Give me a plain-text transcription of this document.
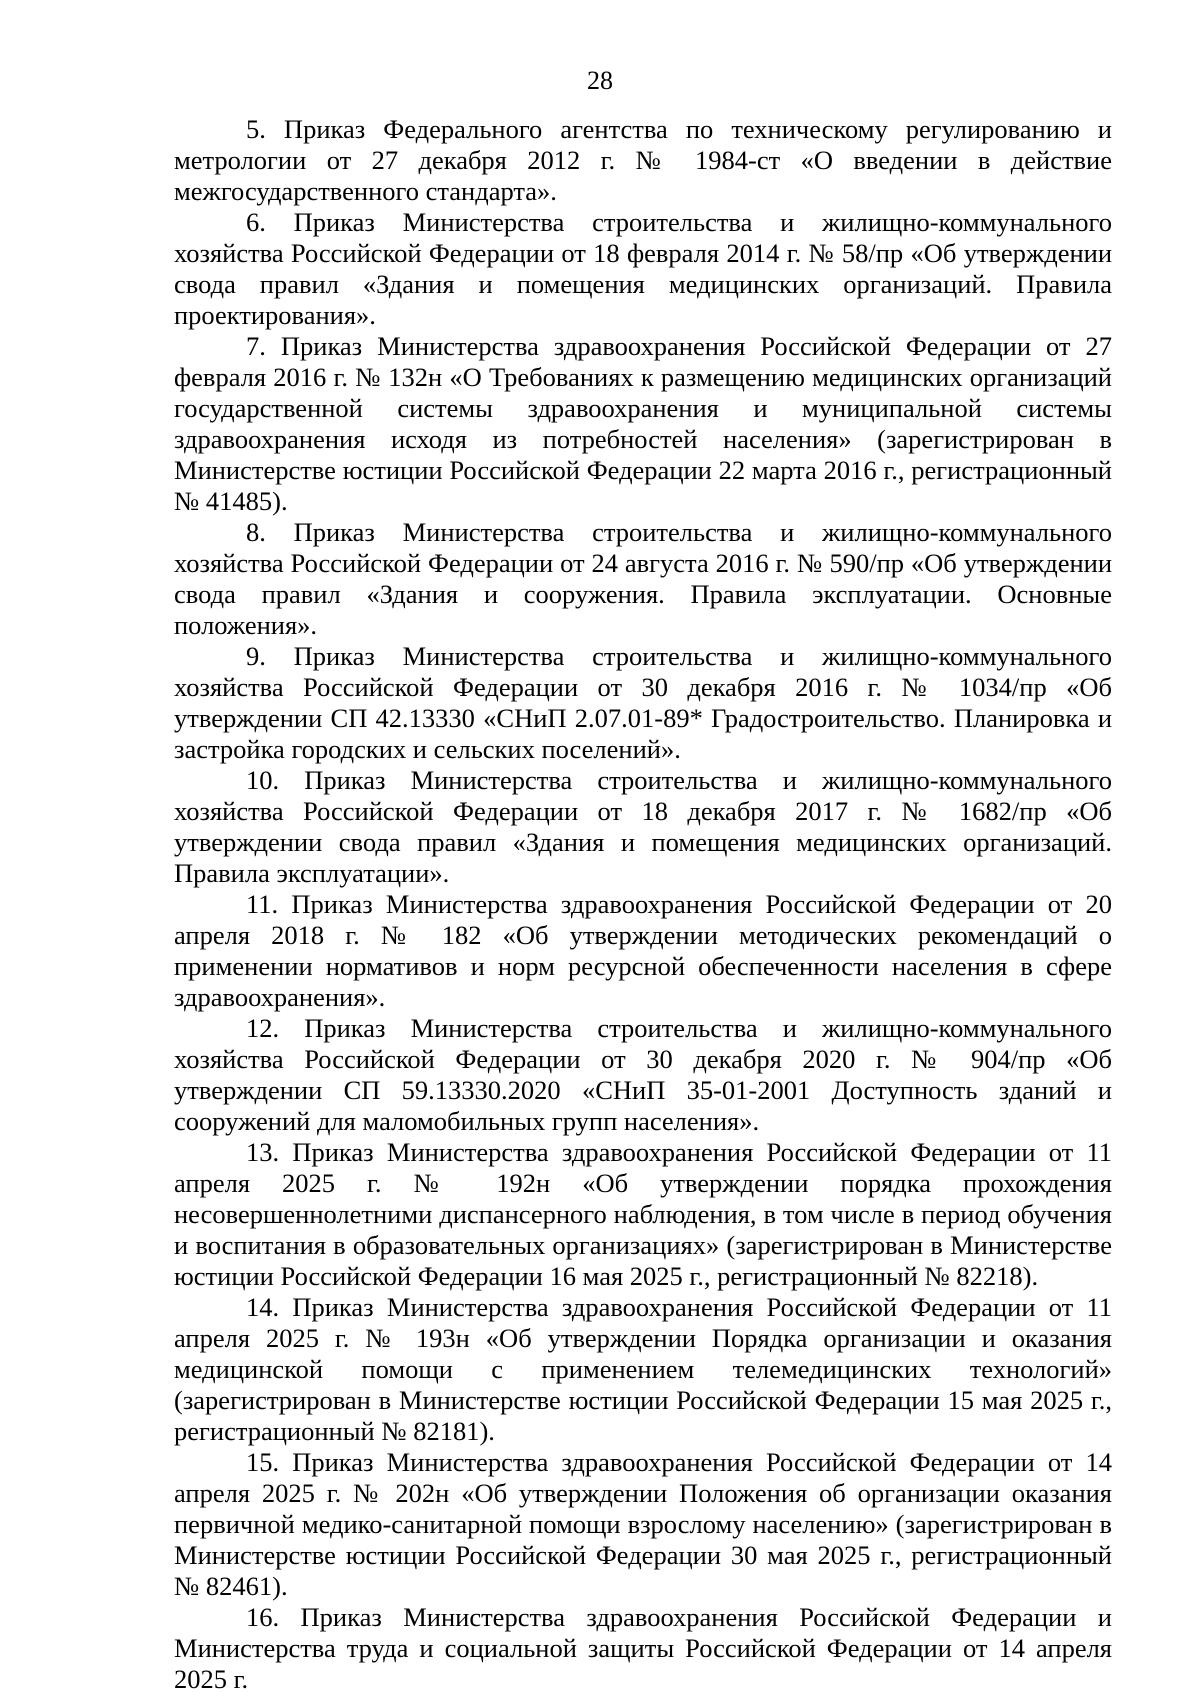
28

5. Приказ Федерального агентства по техническому регулированию и метрологии от 27 декабря 2012 г. № 1984-ст «О введении в действие межгосударственного стандарта».

6. Приказ Министерства строительства и жилищно-коммунального хозяйства Российской Федерации от 18 февраля 2014 г. № 58/пр «Об утверждении свода правил «Здания и помещения медицинских организаций. Правила проектирования».

7. Приказ Министерства здравоохранения Российской Федерации от 27 февраля 2016 г. № 132н «О Требованиях к размещению медицинских организаций государственной системы здравоохранения и муниципальной системы здравоохранения исходя из потребностей населения» (зарегистрирован в Министерстве юстиции Российской Федерации 22 марта 2016 г., регистрационный № 41485).

8. Приказ Министерства строительства и жилищно-коммунального хозяйства Российской Федерации от 24 августа 2016 г. № 590/пр «Об утверждении свода правил «Здания и сооружения. Правила эксплуатации. Основные положения».

9. Приказ Министерства строительства и жилищно-коммунального хозяйства Российской Федерации от 30 декабря 2016 г. № 1034/пр «Об утверждении СП 42.13330 «СНиП 2.07.01-89* Градостроительство. Планировка и застройка городских и сельских поселений».

10. Приказ Министерства строительства и жилищно-коммунального хозяйства Российской Федерации от 18 декабря 2017 г. № 1682/пр «Об утверждении свода правил «Здания и помещения медицинских организаций. Правила эксплуатации».

11. Приказ Министерства здравоохранения Российской Федерации от 20 апреля 2018 г. № 182 «Об утверждении методических рекомендаций о применении нормативов и норм ресурсной обеспеченности населения в сфере здравоохранения».

12. Приказ Министерства строительства и жилищно-коммунального хозяйства Российской Федерации от 30 декабря 2020 г. № 904/пр «Об утверждении СП 59.13330.2020 «СНиП 35-01-2001 Доступность зданий и сооружений для маломобильных групп населения».

13. Приказ Министерства здравоохранения Российской Федерации от 11 апреля 2025 г. № 192н «Об утверждении порядка прохождения несовершеннолетними диспансерного наблюдения, в том числе в период обучения и воспитания в образовательных организациях» (зарегистрирован в Министерстве юстиции Российской Федерации 16 мая 2025 г., регистрационный № 82218).

14. Приказ Министерства здравоохранения Российской Федерации от 11 апреля 2025 г. № 193н «Об утверждении Порядка организации и оказания медицинской помощи с применением телемедицинских технологий» (зарегистрирован в Министерстве юстиции Российской Федерации 15 мая 2025 г., регистрационный № 82181).

15. Приказ Министерства здравоохранения Российской Федерации от 14 апреля 2025 г. № 202н «Об утверждении Положения об организации оказания первичной медико-санитарной помощи взрослому населению» (зарегистрирован в Министерстве юстиции Российской Федерации 30 мая 2025 г., регистрационный № 82461).

16. Приказ Министерства здравоохранения Российской Федерации и Министерства труда и социальной защиты Российской Федерации от 14 апреля 2025 г.
